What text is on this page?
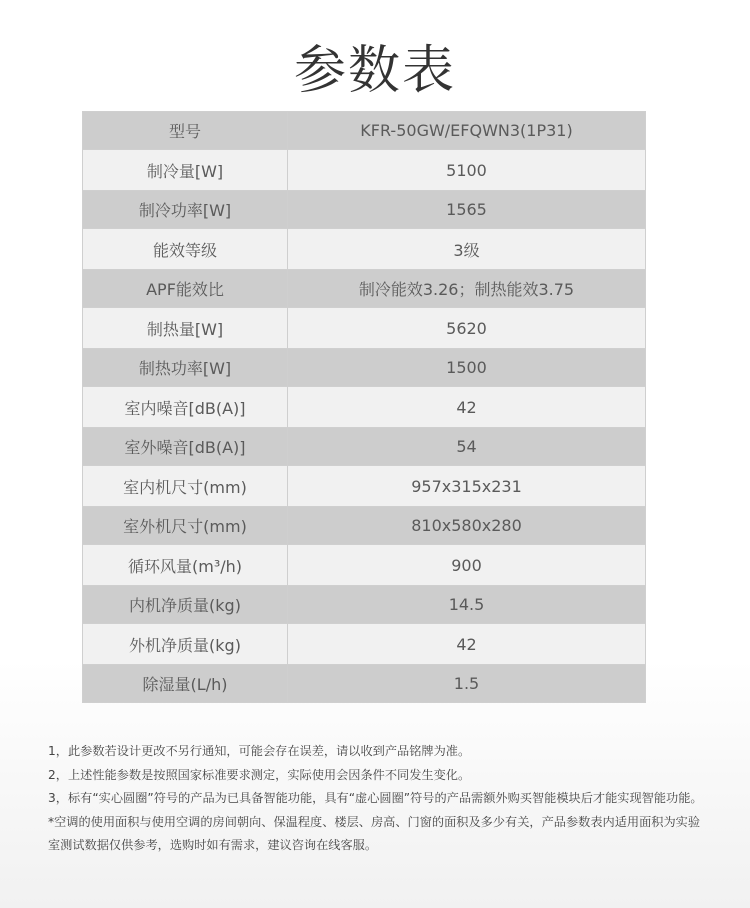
参数表
型号	KFR-50GW/EFQWN3(1P31)
制冷量[W]	5100
制冷功率[W]	1565
能效等级	3级
APF能效比	制冷能效3.26；制热能效3.75
制热量[W]	5620
制热功率[W]	1500
室内噪音[dB(A)]	42
室外噪音[dB(A)]	54
室内机尺寸(mm)	957x315x231
室外机尺寸(mm)	810x580x280
循环风量(m³/h)	900
内机净质量(kg)	14.5
外机净质量(kg)	42
除湿量(L/h)	1.5

1，此参数若设计更改不另行通知，可能会存在误差，请以收到产品铭牌为准。

2，上述性能参数是按照国家标准要求测定，实际使用会因条件不同发生变化。

3，标有“实心圆圈”符号的产品为已具备智能功能，具有“虚心圆圈”符号的产品需额外购买智能模块后才能实现智能功能。

*空调的使用面积与使用空调的房间朝向、保温程度、楼层、房高、门窗的面积及多少有关，产品参数表内适用面积为实验室测试数据仅供参考，选购时如有需求，建议咨询在线客服。
